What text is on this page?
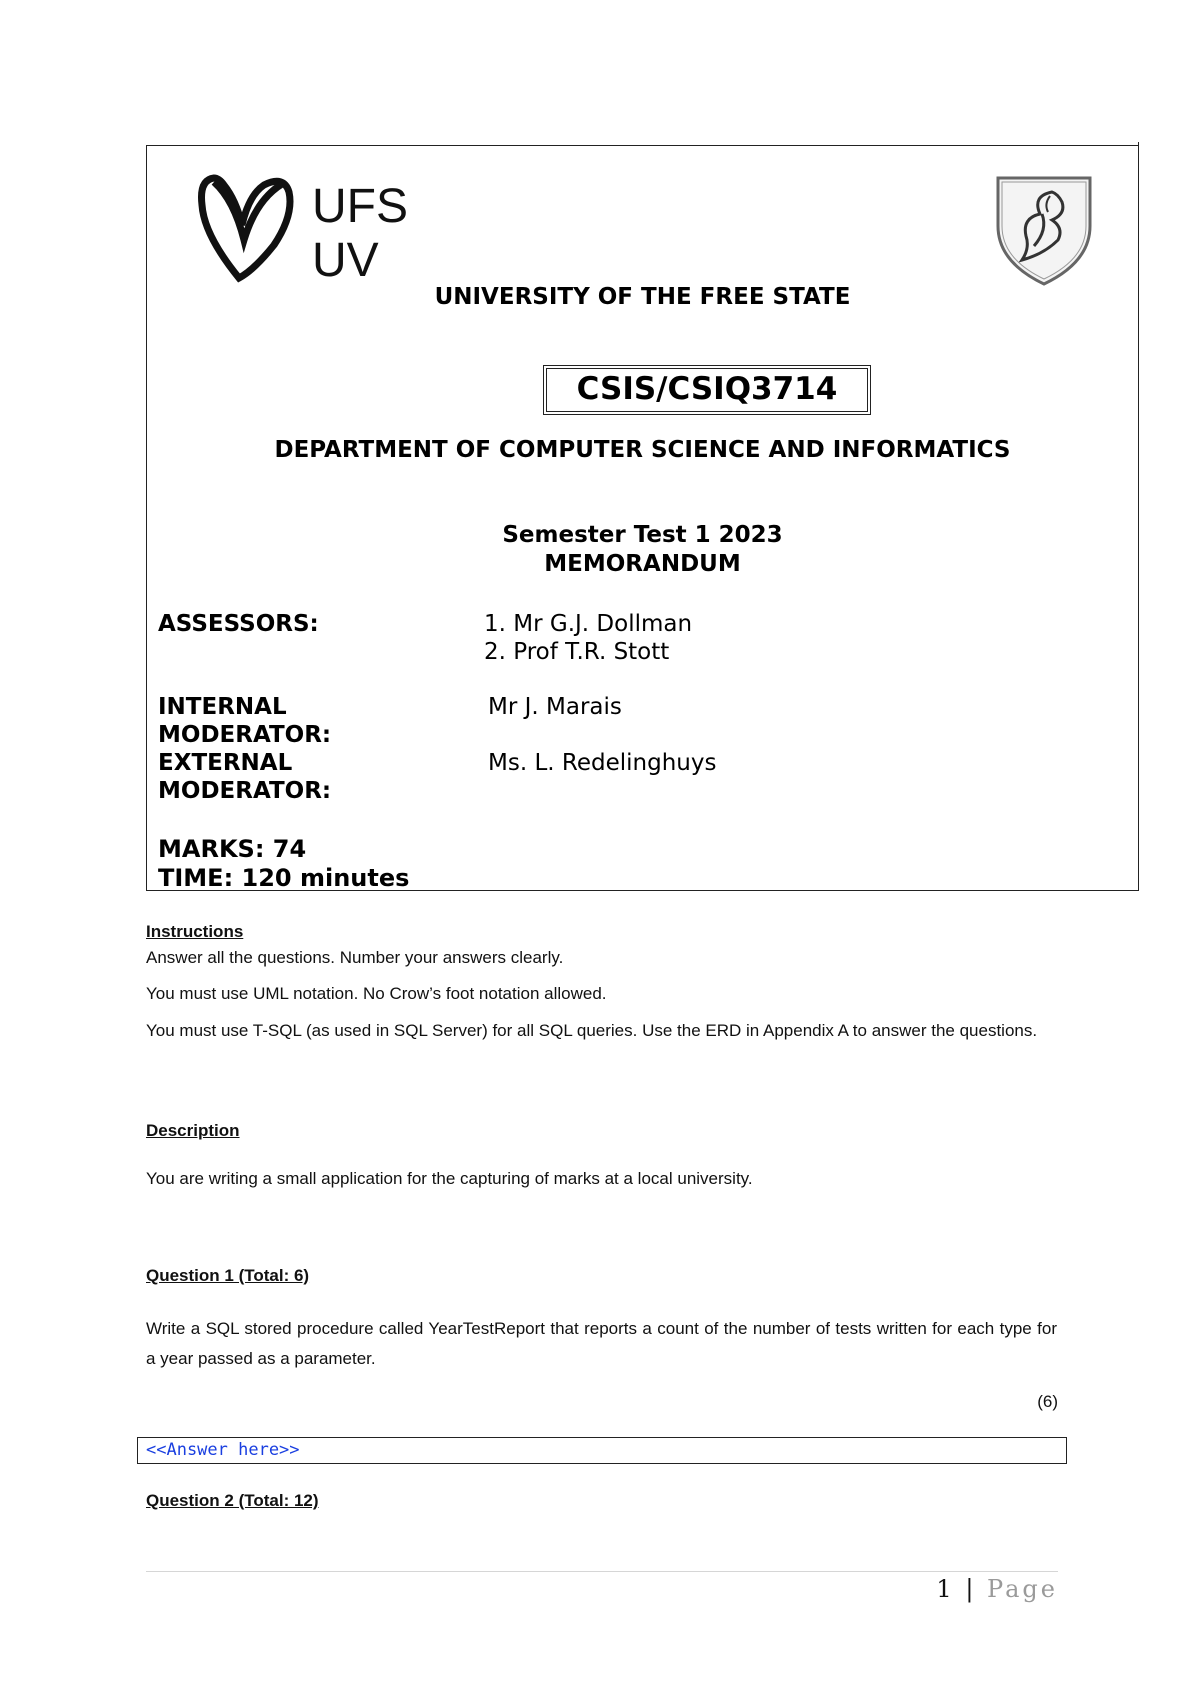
UFS
UV
UNIVERSITY OF THE FREE STATE
CSIS/CSIQ3714
DEPARTMENT OF COMPUTER SCIENCE AND INFORMATICS
Semester Test 1 2023
MEMORANDUM
ASSESSORS:	1. Mr G.J. Dollman
2. Prof T.R. Stott
INTERNAL
MODERATOR:
Mr J. Marais
EXTERNAL
MODERATOR:
Ms. L. Redelinghuys
MARKS: 74
TIME: 120 minutes
Instructions
Answer all the questions. Number your answers clearly.
You must use UML notation. No Crow’s foot notation allowed.
You must use T-SQL (as used in SQL Server) for all SQL queries. Use the ERD in Appendix A to answer the questions.
Description
You are writing a small application for the capturing of marks at a local university.
Question 1 (Total: 6)
Write a SQL stored procedure called YearTestReport that reports a count of the number of tests written for each type for a year passed as a parameter.
(6)
<<Answer here>>
Question 2 (Total: 12)
1 | Page
